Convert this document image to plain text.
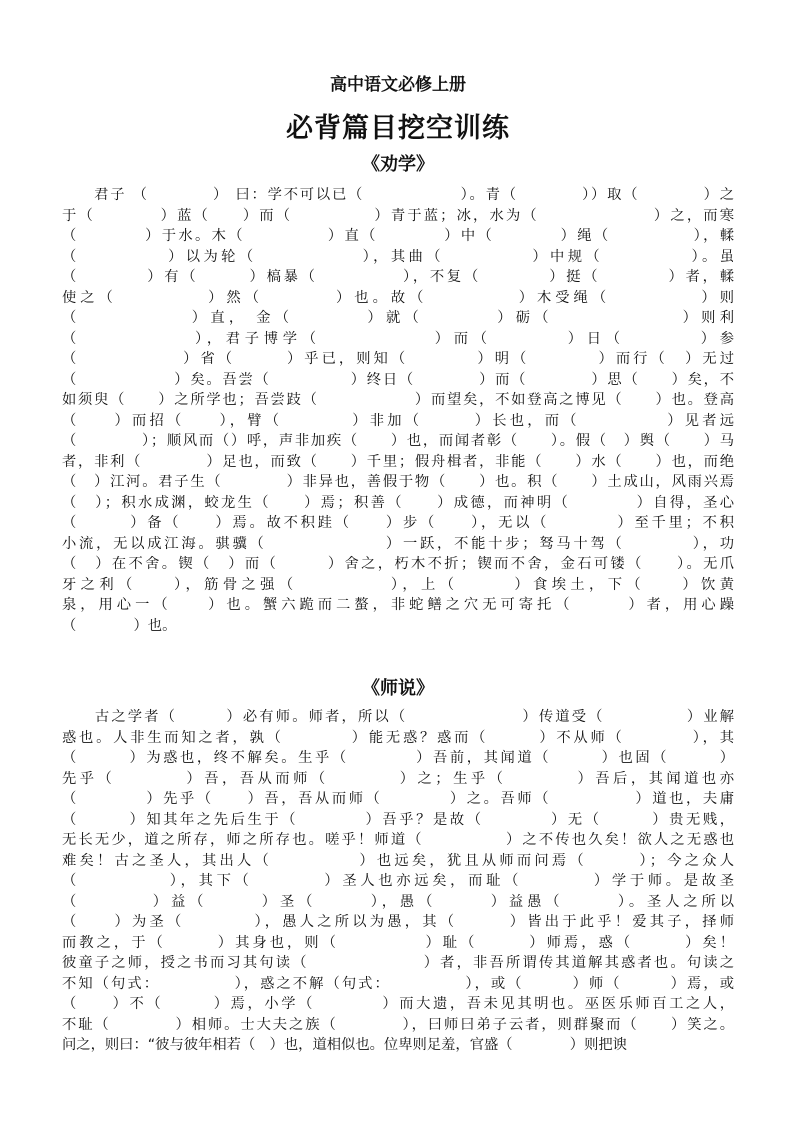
高中语文必修上册
必背篇目挖空训练
《劝学》
　　君子 （　　　　） 曰：学不可以已（　　　　　　）。青（　　　　））取（　　　　）之
于（　　　　）蓝（　　）而（　　　　　）青于蓝；冰，水为（　　　　　　　）之，而寒
（　　　　）于水。木（　　　　　）直（　　　　）中（　　　　）绳（　　　　　），輮
（　　　　　）以为轮（　　　　　　），其曲（　　　　　）中规（　　　　　）。虽
（　　　　）有（　　　）槁暴（　　　　　），不复（　　　　）挺（　　　　）者，輮
使之（　　　　　）然（　　　　）也。故（　　　　　）木受绳（　　　　　）则
（　　　　　　）直， 金（　　　　）就（　　　　）砺（　　　　　　　）则利
（　　　　　　），君子博学（　　　　　　）而（　　　　）日（　　　　）参
（　　　　　　）省（　　　）乎已，则知（　　　　）明（　　　　）而行（　）无过
（　　　　　　）矣。吾尝（　　　　　）终日（　　　　）而（　　　　）思（　　）矣，不
如须臾（　　）之所学也；吾尝跂（　　　　　　）而望矣，不如登高之博见（　　）也。登高
（　　）而招（　　），臂（　　　　）非加（　　　）长也，而（　　　　　）见者远
（　　　　）；顺风而（）呼，声非加疾（　　）也，而闻者彰（　　）。假（　）舆（　　）马
者，非利（　　　　）足也，而致（　　）千里；假舟楫者，非能（　　）水（　　）也，而绝
（　）江河。君子生（　　　　）非异也，善假于物（　　）也。积（　　）土成山，风雨兴焉
（　）；积水成渊，蛟龙生（　　）焉；积善（　　）成德，而神明（　　　　）自得，圣心
（　　　）备（　　）焉。故不积跬（　　）步（　　），无以（　　　　）至千里；不积
小流，无以成江海。骐骥（　　　　　　　）一跃，不能十步；驽马十驾（　　　　），功
（　）在不舍。锲（　）而（　　　）舍之，朽木不折；锲而不舍，金石可镂（　　）。无爪
牙之利（　　），筋骨之强（　　　　　），上（　　　）食埃土，下（　　）饮黄
泉，用心一（　　）也。蟹六跪而二螯，非蛇鳝之穴无可寄托（　　　）者，用心躁
（　　　　）也。
《师说》
　　古之学者（　　　）必有师。师者，所以（　　　　　　　）传道受（　　　　　）业解
惑也。人非生而知之者，孰（　　　　）能无惑？惑而（　　　）不从师（　　　　），其
（　　　）为惑也，终不解矣。生乎（　　　　）吾前，其闻道（　　　）也固（　　　）
先乎（　　　　）吾，吾从而师（　　　　）之；生乎（　　　　）吾后，其闻道也亦
（　　　　）先乎（　　）吾，吾从而师（　　　　）之。吾师（　　　　　）道也，夫庸
（　　　）知其年之先后生于（　　　　）吾乎？是故（　　　　）无（　　　）贵无贱，
无长无少，道之所存，师之所存也。嗟乎！师道（　　　　　）之不传也久矣！欲人之无惑也
难矣！古之圣人，其出人（　　　　　）也远矣，犹且从师而问焉（　　　）；今之众人
（　　　　　），其下（　　　　）圣人也亦远矣，而耻（　　　　）学于师。是故圣
（　　　　）益（　　　）圣（　　　），愚（　　　）益愚（　　　）。圣人之所以
（　　）为圣（　　　　），愚人之所以为愚，其（　　　）皆出于此乎！爱其子，择师
而教之，于（　　　）其身也，则（　　　　　）耻（　　　）师焉，惑（　　　）矣！
彼童子之师，授之书而习其句读（　　　　　　　）者，非吾所谓传其道解其惑者也。句读之
不知（句式：　　　　　），惑之不解（句式：　　　　　），或（　　　）师（　　　）焉，或
（　　）不（　　　）焉，小学（　　　　）而大遗，吾未见其明也。巫医乐师百工之人，
不耻（　　　　）相师。士大夫之族（　　　　），曰师曰弟子云者，则群聚而（　　）笑之。
问之，则曰：“彼与彼年相若（　）也，道相似也。位卑则足羞，官盛（　　　　）则把谀
